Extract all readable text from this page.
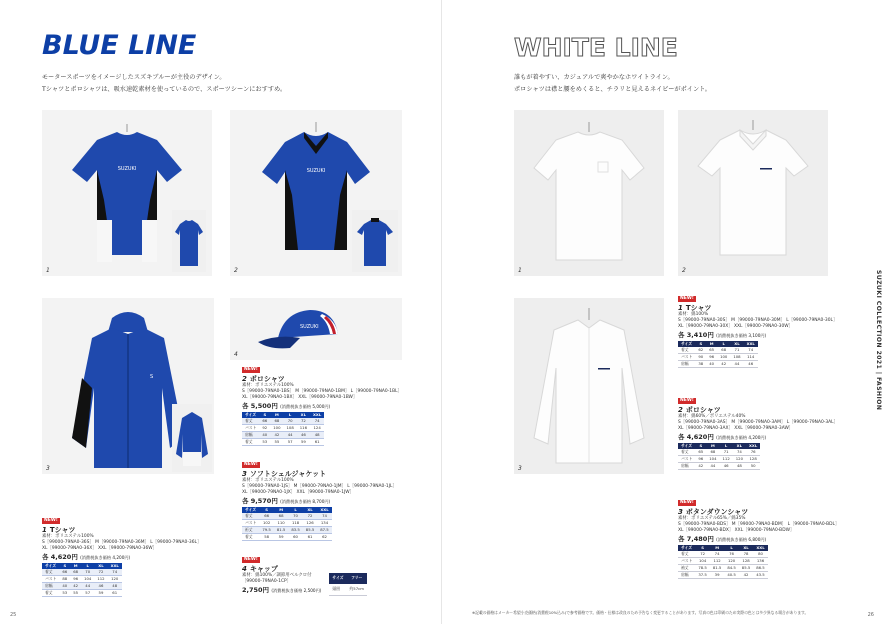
BLUE LINE
モータースポーツをイメージしたスズキブルーが主役のデザイン。
Tシャツとポロシャツは、吸水速乾素材を使っているので、スポーツシーンにおすすめ。
SUZUKI
1
SUZUKI
2
S
3
SUZUKI
4
NEW!
2 ポロシャツ
素材：ポリエステル100%
S［99000-79NA0-1BS］ M［99000-79NA0-1BM］ L［99000-79NA0-1BL］
XL［99000-79NA0-1BX］ XXL［99000-79NA0-1BW］
各 5,500円 (消費税抜き価格 5,000円)
サイズ	S	M	L	XL	XXL
着丈	66	68	70	72	74
バスト	92	100	108	116	124
肩幅	40	42	44	46	48
着丈	53	55	57	59	61
NEW!
3 ソフトシェルジャケット
素材：ポリエステル100%
S［99000-79NA0-1JS］ M［99000-79NA0-1JM］ L［99000-79NA0-1JL］
XL［99000-79NA0-1JX］ XXL［99000-79NA0-1JW］
各 9,570円 (消費税抜き価格 8,700円)
サイズ	S	M	L	XL	XXL
着丈	66	68	70	72	74
バスト	102	110	118	126	134
裄丈	79.5	81.5	83.5	85.5	87.5
着丈	58	59	60	61	62
NEW!
4 キャップ
素材：綿100%／調節用ベルクロ付
［99000-79NA0-1CP］
2,750円 (消費税抜き価格 2,500円)
サイズ	フリー
頭囲	約57cm
NEW!
1 Tシャツ
素材：ポリエステル100%
S［99000-79NA0-36S］ M［99000-79NA0-36M］ L［99000-79NA0-36L］
XL［99000-79NA0-36X］ XXL［99000-79NA0-36W］
各 4,620円 (消費税抜き価格 4,200円)
サイズ	S	M	L	XL	XXL
着丈	66	68	70	72	74
バスト	88	96	104	112	120
肩幅	40	42	44	46	48
着丈	53	55	57	59	61
25
WHITE LINE
誰もが着やすい、カジュアルで爽やかなホワイトライン。
ポロシャツは襟と腰をめくると、チラリと見えるネイビーがポイント。
1	2
3
NEW!
1 Tシャツ
素材：綿100%
S［99000-79NA0-30S］ M［99000-79NA0-30M］ L［99000-79NA0-30L］
XL［99000-79NA0-30X］ XXL［99000-79NA0-30W］
各 3,410円 (消費税抜き価格 3,100円)
サイズ	S	M	L	XL	XXL
着丈	62	65	68	71	74
バスト	90	96	100	108	114
肩幅	38	40	42	44	46
NEW!
2 ポロシャツ
素材：綿60%／ポリエステル40%
S［99000-79NA0-3AS］ M［99000-79NA0-3AM］ L［99000-79NA0-3AL］
XL［99000-79NA0-3AX］ XXL［99000-79NA0-3AW］
各 4,620円 (消費税抜き価格 4,200円)
サイズ	S	M	L	XL	XXL
着丈	65	68	71	74	76
バスト	96	104	112	120	128
肩幅	42	44	46	48	50
NEW!
3 ボタンダウンシャツ
素材：ポリエステル65%／綿35%
S［99000-79NA0-BDS］ M［99000-79NA0-BDM］ L［99000-79NA0-BDL］
XL［99000-79NA0-BDX］ XXL［99000-79NA0-BDW］
各 7,480円 (消費税抜き価格 6,800円)
サイズ	S	M	L	XL	XXL
着丈	72	74	76	78	80
バスト	104	112	120	128	136
袖丈	78.5	81.5	84.5	85.5	86.5
肩幅	37.5	39	40.5	42	43.5
SUZUKI COLLECTION 2021 | FASHION
※記載の価格はメーカー希望小売価格(消費税10%込み)で参考価格です。価格・仕様は改良のため予告なく変更することがあります。写真の色は印刷のため実際の色とは多少異なる場合があります。	26
